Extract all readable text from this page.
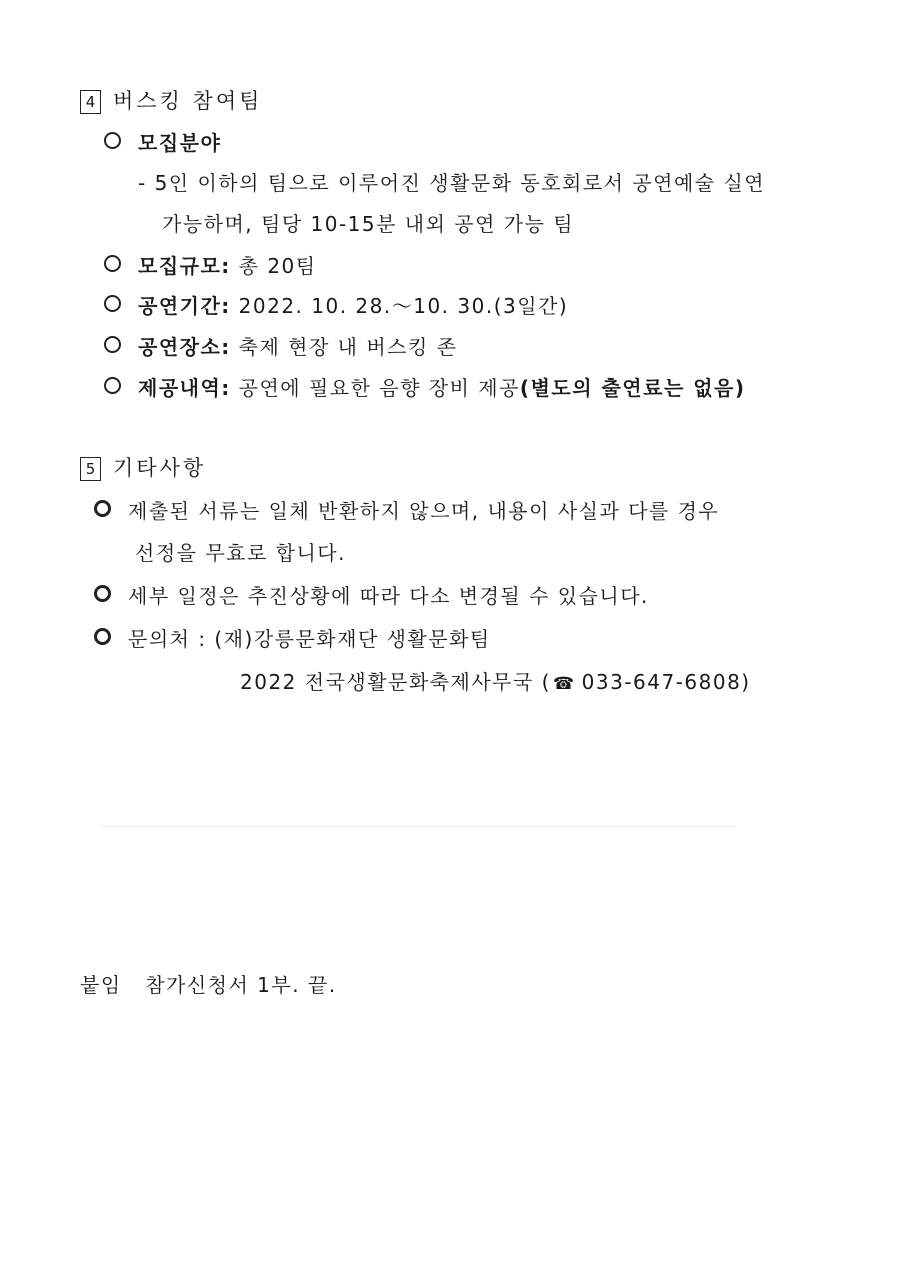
4 버스킹 참여팀
모집분야
- 5인 이하의 팀으로 이루어진 생활문화 동호회로서 공연예술 실연
가능하며, 팀당 10-15분 내외 공연 가능 팀
모집규모: 총 20팀
공연기간: 2022. 10. 28.～10. 30.(3일간)
공연장소: 축제 현장 내 버스킹 존
제공내역: 공연에 필요한 음향 장비 제공(별도의 출연료는 없음)
5 기타사항
제출된 서류는 일체 반환하지 않으며, 내용이 사실과 다를 경우
선정을 무효로 합니다.
세부 일정은 추진상황에 따라 다소 변경될 수 있습니다.
문의처 : (재)강릉문화재단 생활문화팀
2022 전국생활문화축제사무국 ( ☎ 033-647-6808)
붙임 참가신청서 1부. 끝.
